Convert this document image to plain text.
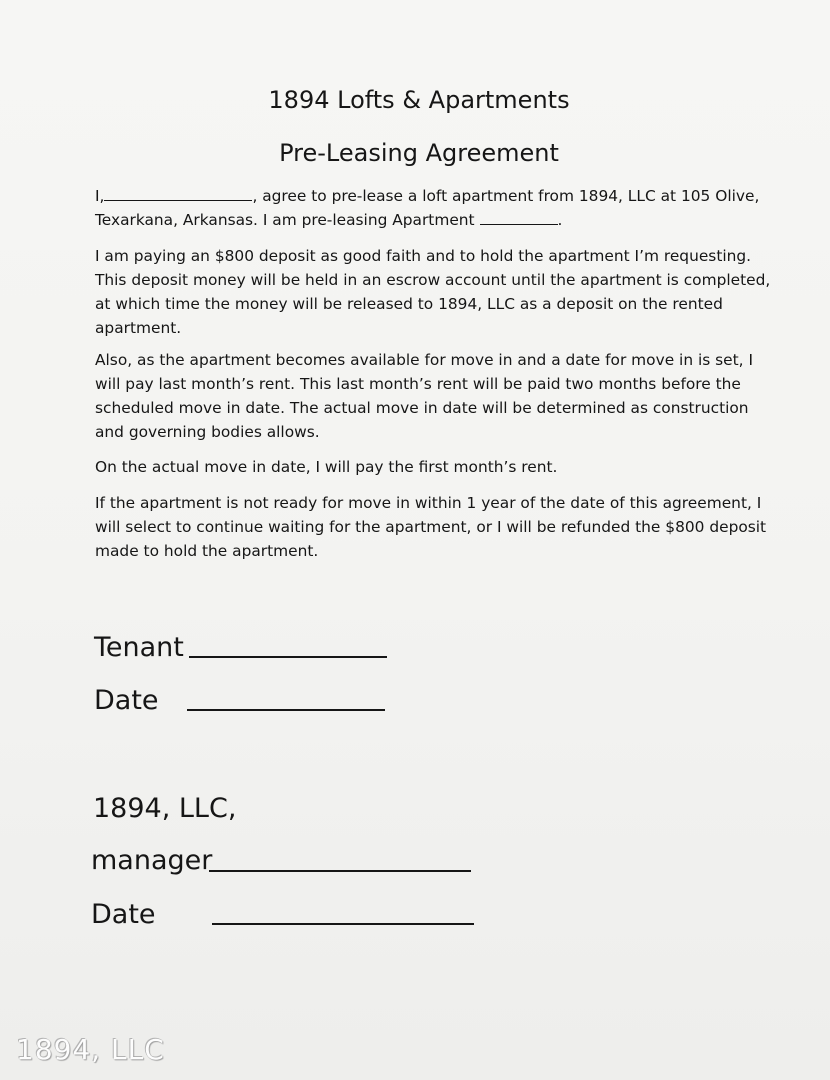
1894 Lofts & Apartments
Pre-Leasing Agreement
I,	, agree to pre-lease a loft apartment from 1894, LLC at 105 Olive,
Texarkana, Arkansas. I am pre-leasing Apartment	.
I am paying an $800 deposit as good faith and to hold the apartment I’m requesting.
This deposit money will be held in an escrow account until the apartment is completed,
at which time the money will be released to 1894, LLC as a deposit on the rented
apartment.
Also, as the apartment becomes available for move in and a date for move in is set, I
will pay last month’s rent. This last month’s rent will be paid two months before the
scheduled move in date. The actual move in date will be determined as construction
and governing bodies allows.
On the actual move in date, I will pay the first month’s rent.
If the apartment is not ready for move in within 1 year of the date of this agreement, I
will select to continue waiting for the apartment, or I will be refunded the $800 deposit
made to hold the apartment.
Tenant
Date
1894, LLC,
manager
Date
1894, LLC
